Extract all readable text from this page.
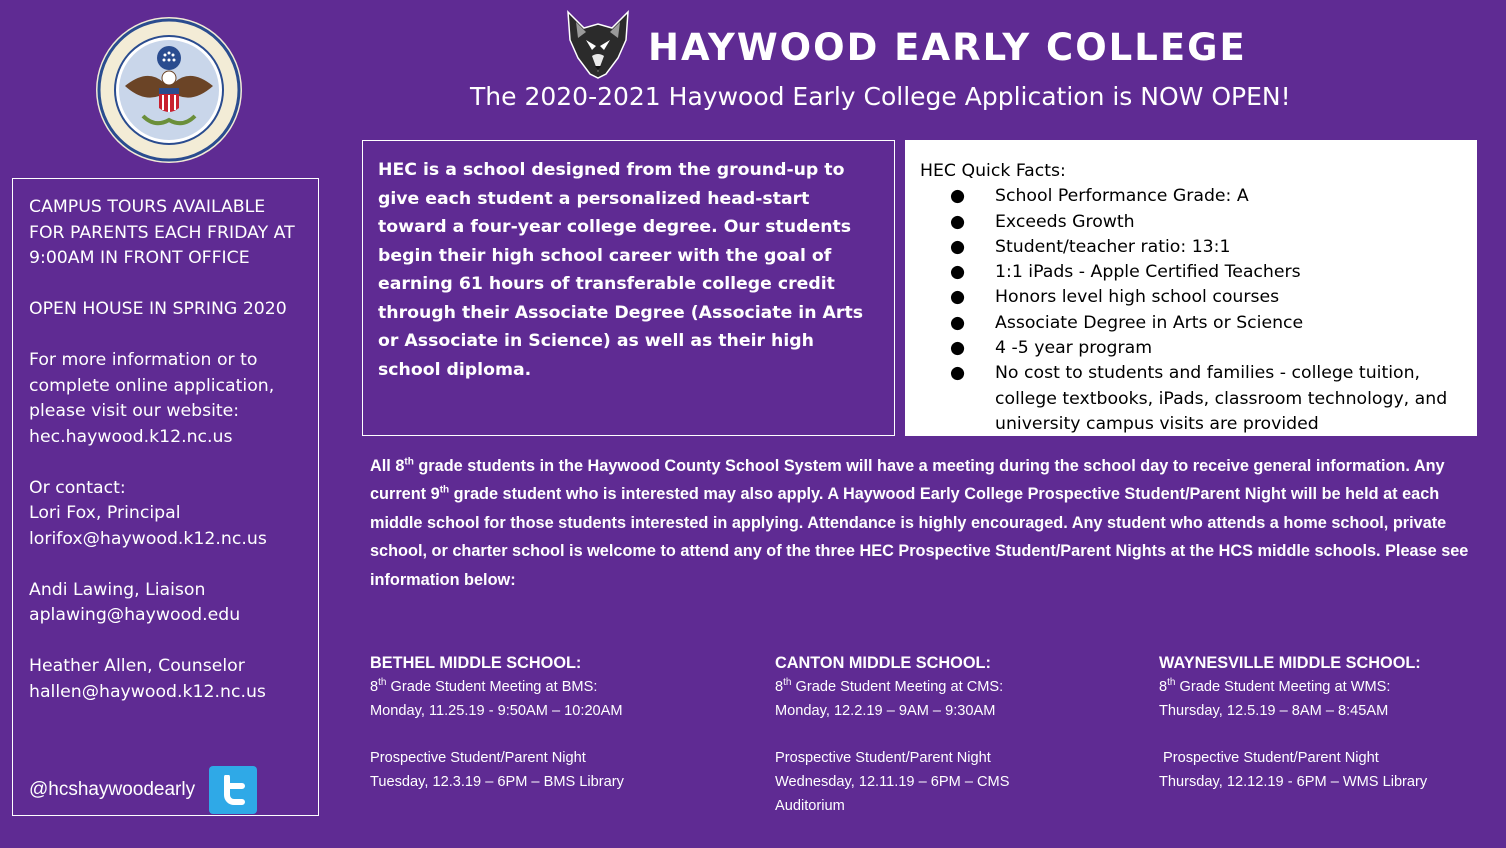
HAYWOOD EARLY COLLEGE
The 2020-2021 Haywood Early College Application is NOW OPEN!

CAMPUS TOURS AVAILABLE FOR PARENTS EACH FRIDAY AT 9:00AM IN FRONT OFFICE

OPEN HOUSE IN SPRING 2020

For more information or to complete online application, please visit our website:
hec.haywood.k12.nc.us

Or contact:
Lori Fox, Principal
lorifox@haywood.k12.nc.us

Andi Lawing, Liaison
aplawing@haywood.edu

Heather Allen, Counselor
hallen@haywood.k12.nc.us

@hcshaywoodearly
HEC is a school designed from the ground-up to give each student a personalized head-start toward a four-year college degree. Our students begin their high school career with the goal of earning 61 hours of transferable college credit through their Associate Degree (Associate in Arts or Associate in Science) as well as their high school diploma.
HEC Quick Facts:
● School Performance Grade: A
● Exceeds Growth
● Student/teacher ratio: 13:1
● 1:1 iPads - Apple Certified Teachers
● Honors level high school courses
● Associate Degree in Arts or Science
● 4 -5 year program
● No cost to students and families - college tuition, college textbooks, iPads, classroom technology, and university campus visits are provided
All 8th grade students in the Haywood County School System will have a meeting during the school day to receive general information. Any current 9th grade student who is interested may also apply. A Haywood Early College Prospective Student/Parent Night will be held at each middle school for those students interested in applying. Attendance is highly encouraged. Any student who attends a home school, private school, or charter school is welcome to attend any of the three HEC Prospective Student/Parent Nights at the HCS middle schools. Please see information below:
BETHEL MIDDLE SCHOOL:
8th Grade Student Meeting at BMS:
Monday, 11.25.19 - 9:50AM – 10:20AM
Prospective Student/Parent Night
Tuesday, 12.3.19 – 6PM – BMS Library
CANTON MIDDLE SCHOOL:
8th Grade Student Meeting at CMS:
Monday, 12.2.19 – 9AM – 9:30AM
Prospective Student/Parent Night
Wednesday, 12.11.19 – 6PM – CMS Auditorium
WAYNESVILLE MIDDLE SCHOOL:
8th Grade Student Meeting at WMS:
Thursday, 12.5.19 – 8AM – 8:45AM
Prospective Student/Parent Night
Thursday, 12.12.19 - 6PM – WMS Library
